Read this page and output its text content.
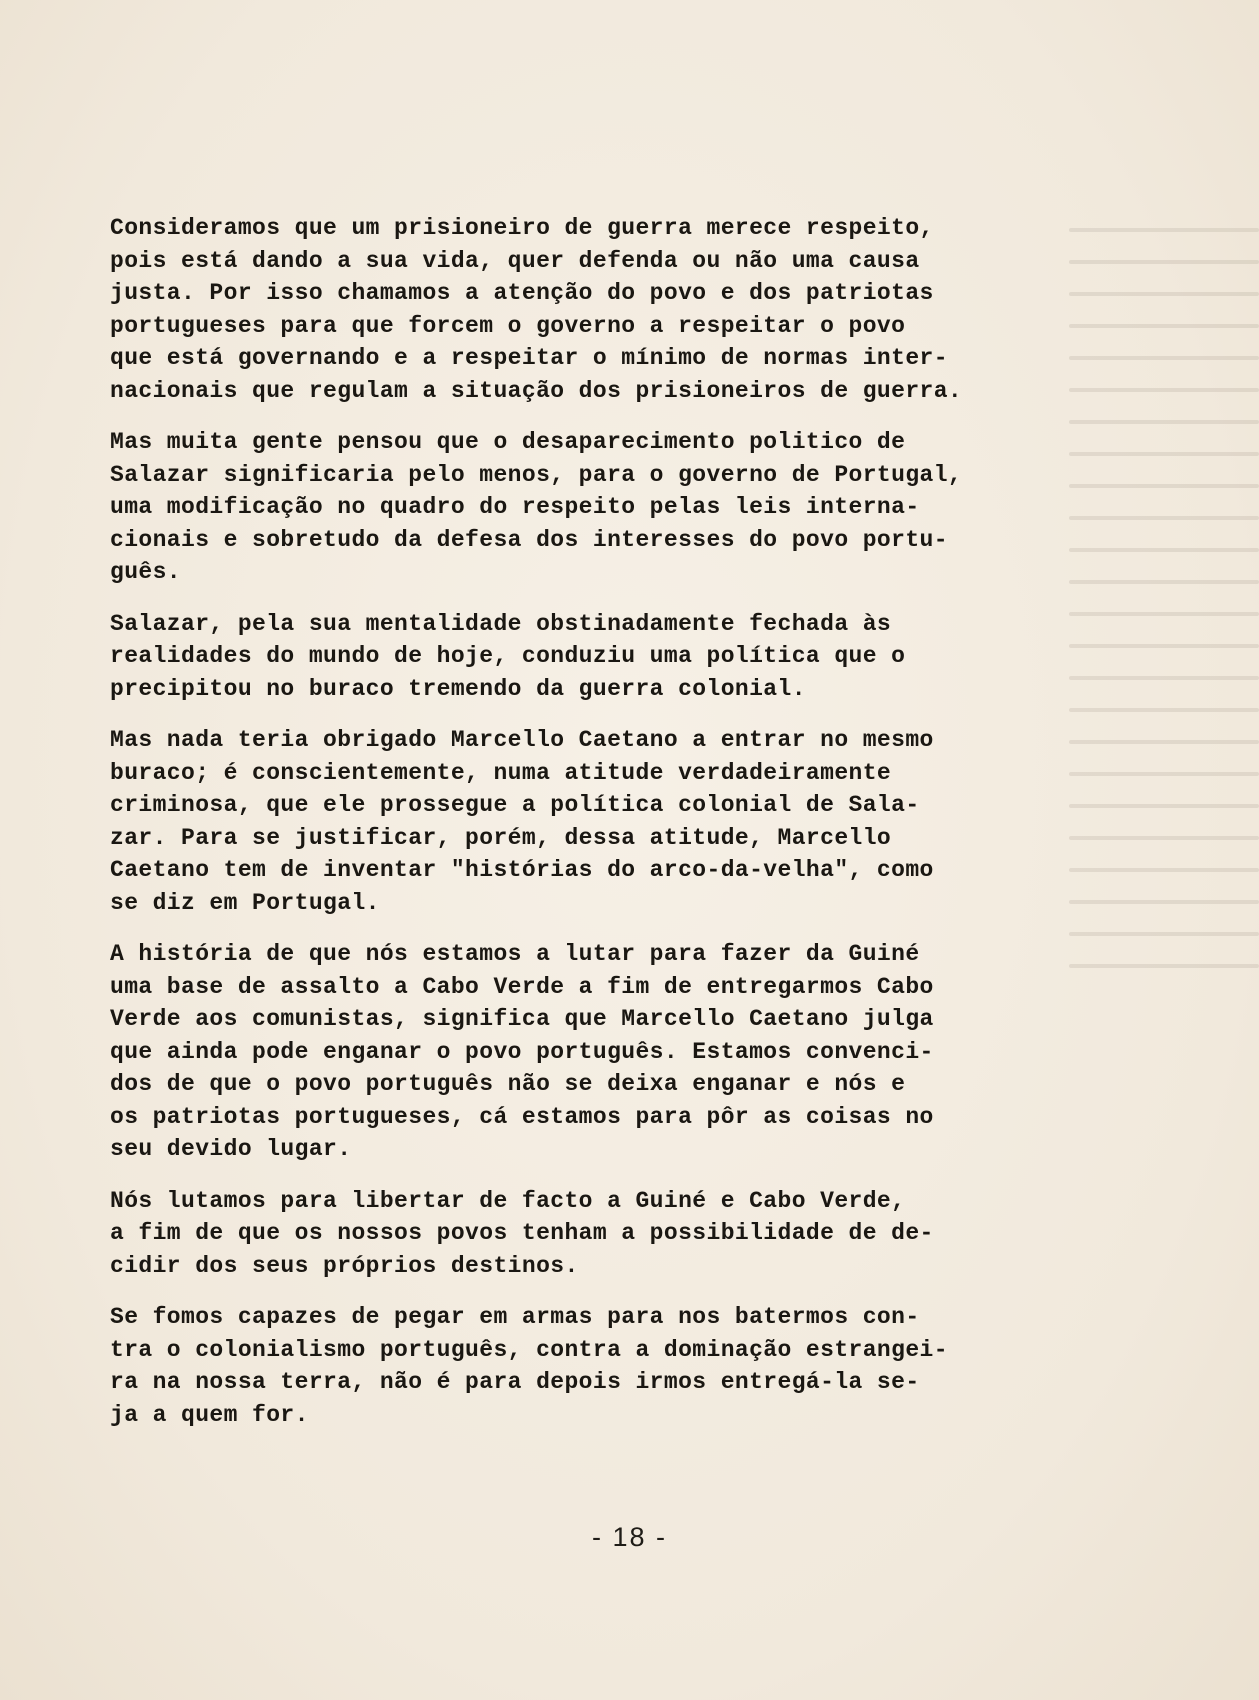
Consideramos que um prisioneiro de guerra merece respeito,
pois está dando a sua vida, quer defenda ou não uma causa
justa. Por isso chamamos a atenção do povo e dos patriotas
portugueses para que forcem o governo a respeitar o povo
que está governando e a respeitar o mínimo de normas inter-
nacionais que regulam a situação dos prisioneiros de guerra.

Mas muita gente pensou que o desaparecimento politico de
Salazar significaria pelo menos, para o governo de Portugal,
uma modificação no quadro do respeito pelas leis interna-
cionais e sobretudo da defesa dos interesses do povo portu-
guês.

Salazar, pela sua mentalidade obstinadamente fechada às
realidades do mundo de hoje, conduziu uma política que o
precipitou no buraco tremendo da guerra colonial.

Mas nada teria obrigado Marcello Caetano a entrar no mesmo
buraco; é conscientemente, numa atitude verdadeiramente
criminosa, que ele prossegue a política colonial de Sala-
zar. Para se justificar, porém, dessa atitude, Marcello
Caetano tem de inventar "histórias do arco-da-velha", como
se diz em Portugal.

A história de que nós estamos a lutar para fazer da Guiné
uma base de assalto a Cabo Verde a fim de entregarmos Cabo
Verde aos comunistas, significa que Marcello Caetano julga
que ainda pode enganar o povo português. Estamos convenci-
dos de que o povo português não se deixa enganar e nós e
os patriotas portugueses, cá estamos para pôr as coisas no
seu devido lugar.

Nós lutamos para libertar de facto a Guiné e Cabo Verde,
a fim de que os nossos povos tenham a possibilidade de de-
cidir dos seus próprios destinos.

Se fomos capazes de pegar em armas para nos batermos con-
tra o colonialismo português, contra a dominação estrangei-
ra na nossa terra, não é para depois irmos entregá-la se-
ja a quem for.

- 18 -
